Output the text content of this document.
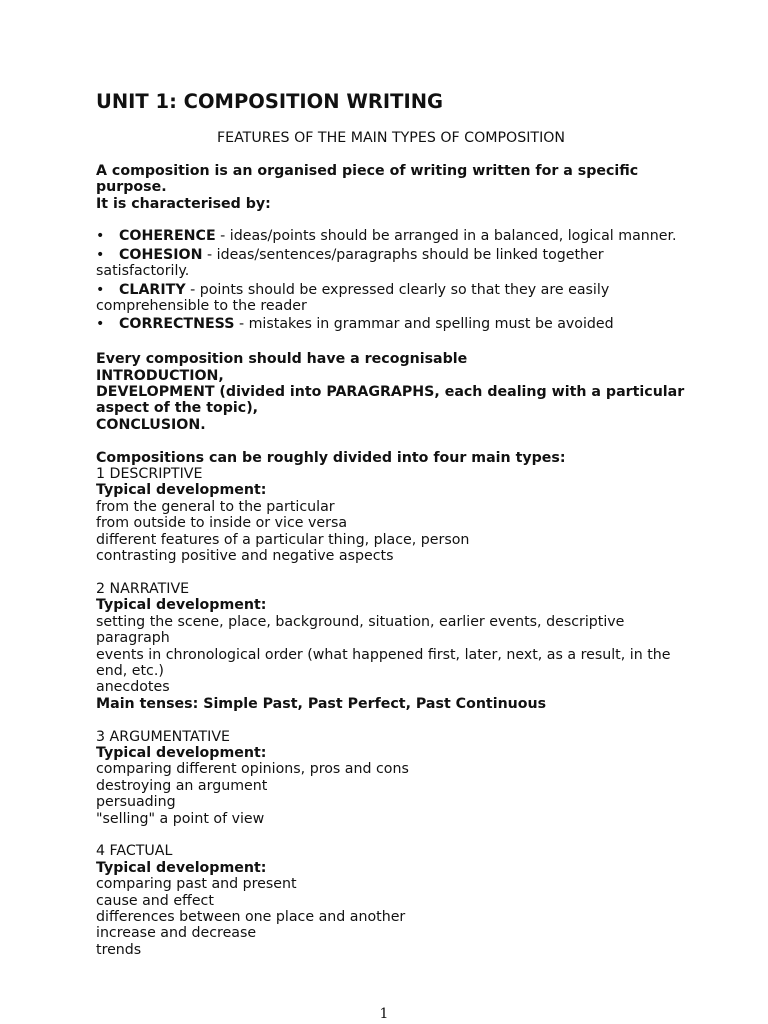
UNIT 1: COMPOSITION WRITING

FEATURES OF THE MAIN TYPES OF COMPOSITION

A composition is an organised piece of writing written for a specific

purpose.

It is characterised by:

• COHERENCE - ideas/points should be arranged in a balanced, logical manner.
• COHESION - ideas/sentences/paragraphs should be linked together
satisfactorily.
• CLARITY - points should be expressed clearly so that they are easily
comprehensible to the reader
• CORRECTNESS - mistakes in grammar and spelling must be avoided

Every composition should have a recognisable

INTRODUCTION,

DEVELOPMENT (divided into PARAGRAPHS, each dealing with a particular

aspect of the topic),

CONCLUSION.

Compositions can be roughly divided into four main types:

1 DESCRIPTIVE

Typical development:

from the general to the particular

from outside to inside or vice versa

different features of a particular thing, place, person

contrasting positive and negative aspects

2 NARRATIVE

Typical development:

setting the scene, place, background, situation, earlier events, descriptive

paragraph

events in chronological order (what happened first, later, next, as a result, in the

end, etc.)

anecdotes

Main tenses: Simple Past, Past Perfect, Past Continuous

3 ARGUMENTATIVE

Typical development:

comparing different opinions, pros and cons

destroying an argument

persuading

"selling" a point of view

4 FACTUAL

Typical development:

comparing past and present

cause and effect

differences between one place and another

increase and decrease

trends

1
